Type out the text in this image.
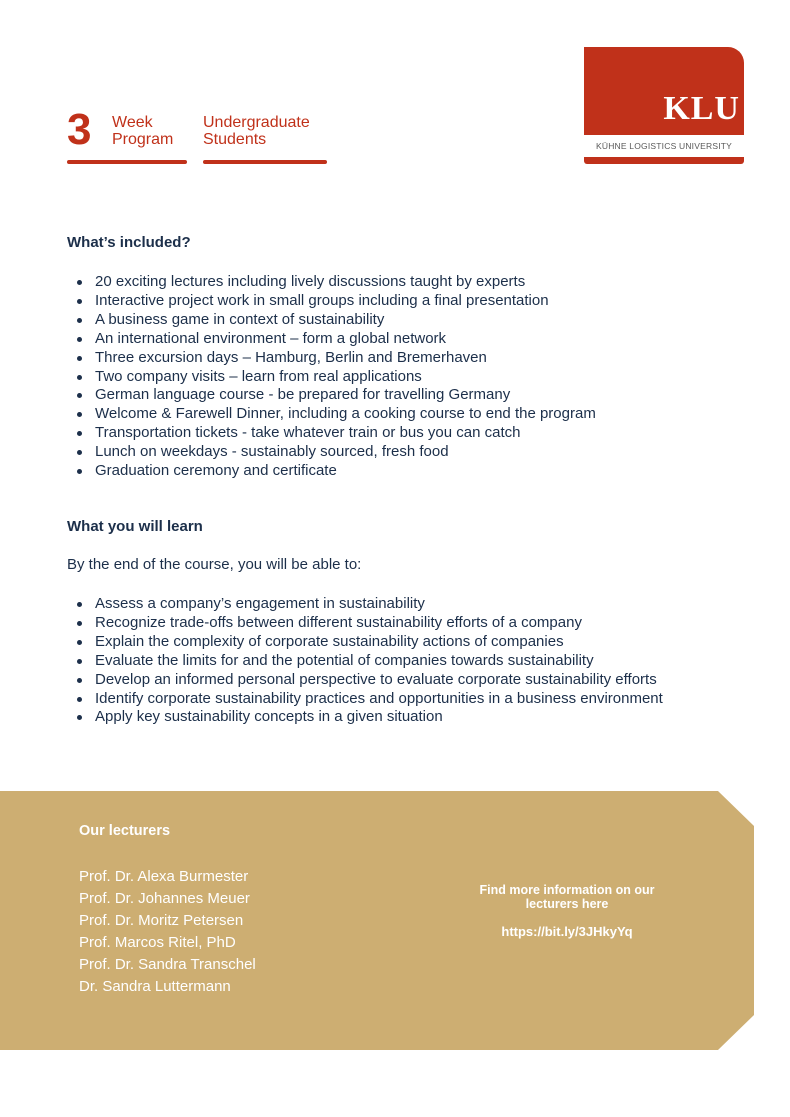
3 Week
Program
Undergraduate
Students
KLU
KÜHNE LOGISTICS UNIVERSITY
What’s included?
20 exciting lectures including lively discussions taught by experts
Interactive project work in small groups including a final presentation
A business game in context of sustainability
An international environment – form a global network
Three excursion days – Hamburg, Berlin and Bremerhaven
Two company visits – learn from real applications
German language course - be prepared for travelling Germany
Welcome & Farewell Dinner, including a cooking course to end the program
Transportation tickets - take whatever train or bus you can catch
Lunch on weekdays - sustainably sourced, fresh food
Graduation ceremony and certificate
What you will learn
By the end of the course, you will be able to:
Assess a company’s engagement in sustainability
Recognize trade-offs between different sustainability efforts of a company
Explain the complexity of corporate sustainability actions of companies
Evaluate the limits for and the potential of companies towards sustainability
Develop an informed personal perspective to evaluate corporate sustainability efforts
Identify corporate sustainability practices and opportunities in a business environment
Apply key sustainability concepts in a given situation
Our lecturers
Prof. Dr. Alexa Burmester
Prof. Dr. Johannes Meuer
Prof. Dr. Moritz Petersen
Prof. Marcos Ritel, PhD
Prof. Dr. Sandra Transchel
Dr. Sandra Luttermann
Find more information on our lecturers here
https://bit.ly/3JHkyYq
